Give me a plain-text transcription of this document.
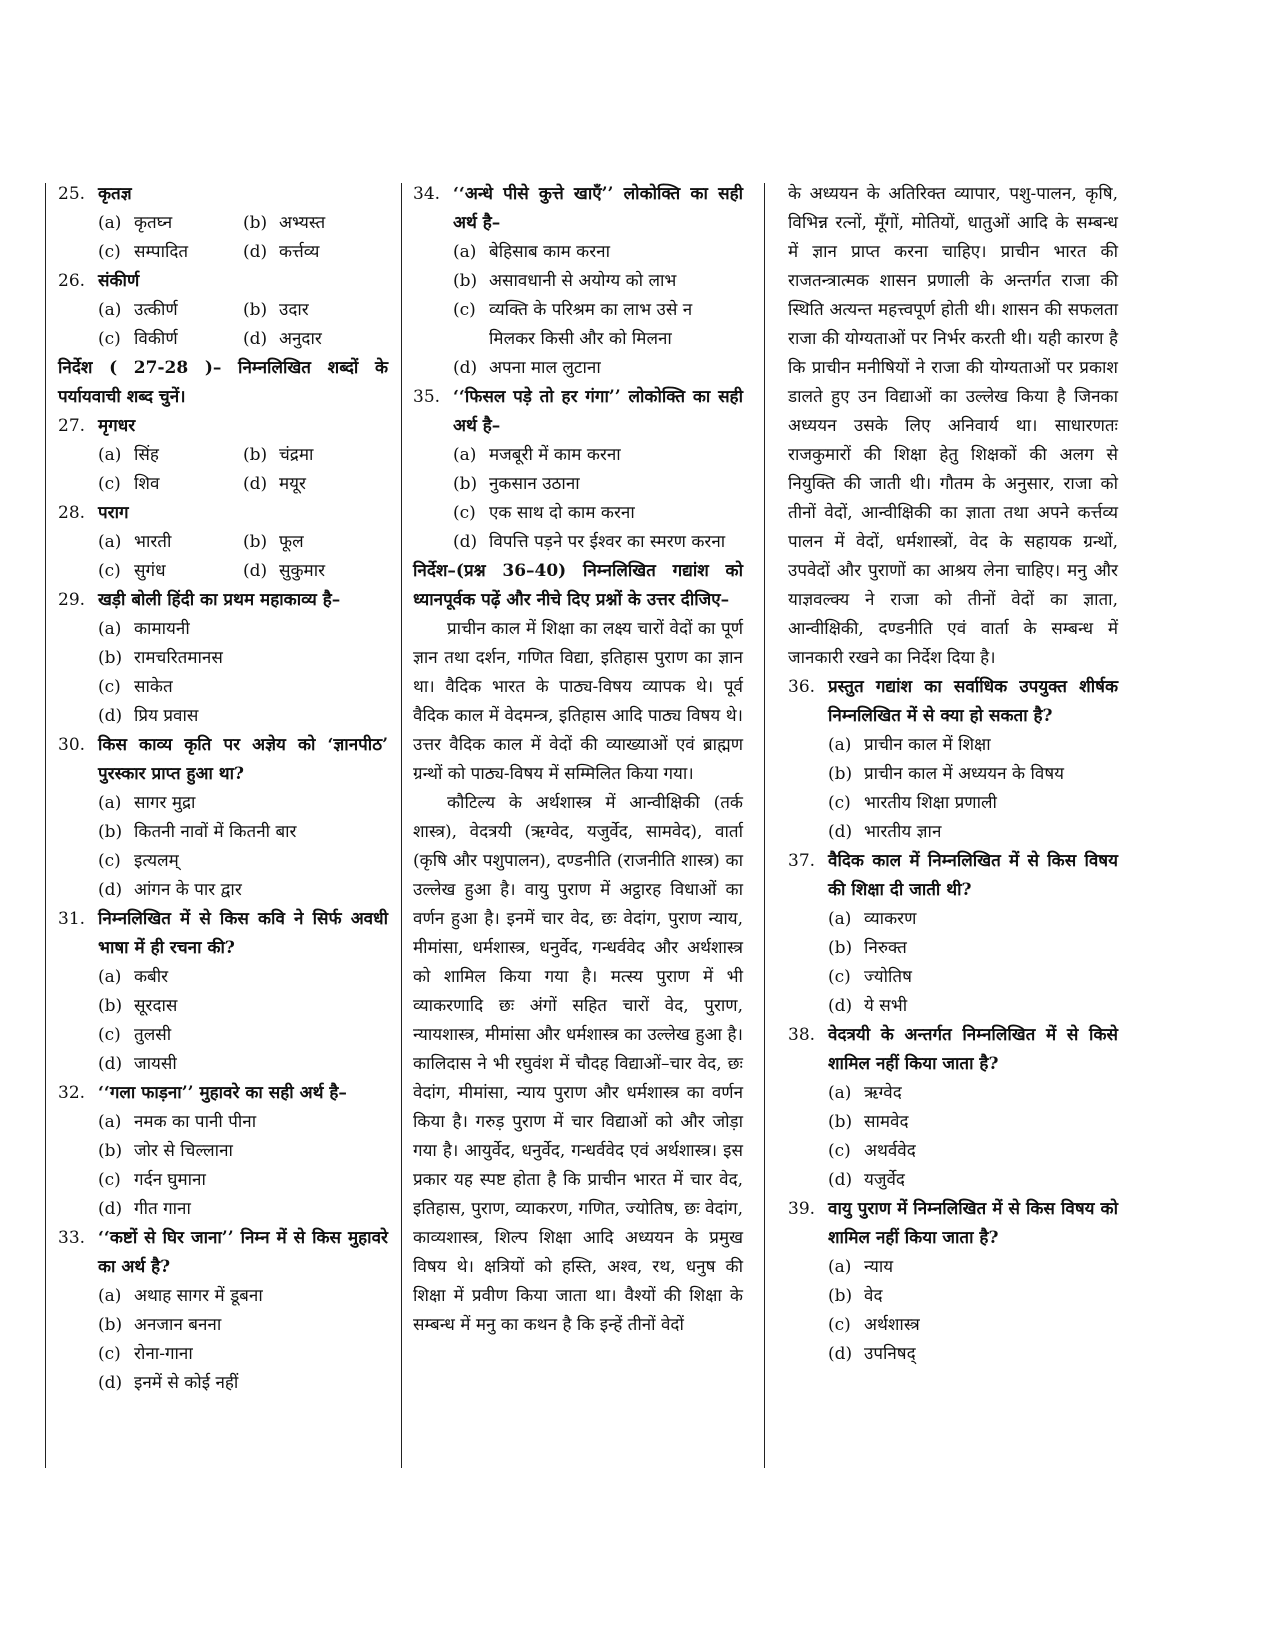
25. कृतज्ञ
(a) कृतघ्न	(b) अभ्यस्त
(c) सम्पादित	(d) कर्त्तव्य
26. संकीर्ण
(a) उत्कीर्ण	(b) उदार
(c) विकीर्ण	(d) अनुदार
निर्देश ( 27-28 )– निम्नलिखित शब्दों के पर्यायवाची शब्द चुनें।
27. मृगधर
(a) सिंह	(b) चंद्रमा
(c) शिव	(d) मयूर
28. पराग
(a) भारती	(b) फूल
(c) सुगंध	(d) सुकुमार
29. खड़ी बोली हिंदी का प्रथम महाकाव्य है–
(a) कामायनी
(b) रामचरितमानस
(c) साकेत
(d) प्रिय प्रवास
30. किस काव्य कृति पर अज्ञेय को ‘ज्ञानपीठ’ पुरस्कार प्राप्त हुआ था?
(a) सागर मुद्रा
(b) कितनी नावों में कितनी बार
(c) इत्यलम्
(d) आंगन के पार द्वार
31. निम्नलिखित में से किस कवि ने सिर्फ अवधी भाषा में ही रचना की?
(a) कबीर
(b) सूरदास
(c) तुलसी
(d) जायसी
32. ‘‘गला फाड़ना’’ मुहावरे का सही अर्थ है–
(a) नमक का पानी पीना
(b) जोर से चिल्लाना
(c) गर्दन घुमाना
(d) गीत गाना
33. ‘‘कष्टों से घिर जाना’’ निम्न में से किस मुहावरे का अर्थ है?
(a) अथाह सागर में डूबना
(b) अनजान बनना
(c) रोना-गाना
(d) इनमें से कोई नहीं
34. ‘‘अन्धे पीसे कुत्ते खाएँ’’ लोकोक्ति का सही अर्थ है–
(a) बेहिसाब काम करना
(b) असावधानी से अयोग्य को लाभ
(c) व्यक्ति के परिश्रम का लाभ उसे न मिलकर किसी और को मिलना
(d) अपना माल लुटाना
35. ‘‘फिसल पड़े तो हर गंगा’’ लोकोक्ति का सही अर्थ है–
(a) मजबूरी में काम करना
(b) नुकसान उठाना
(c) एक साथ दो काम करना
(d) विपत्ति पड़ने पर ईश्वर का स्मरण करना
निर्देश–(प्रश्न 36–40) निम्नलिखित गद्यांश को ध्यानपूर्वक पढ़ें और नीचे दिए प्रश्नों के उत्तर दीजिए–

प्राचीन काल में शिक्षा का लक्ष्य चारों वेदों का पूर्ण ज्ञान तथा दर्शन, गणित विद्या, इतिहास पुराण का ज्ञान था। वैदिक भारत के पाठ्य-विषय व्यापक थे। पूर्व वैदिक काल में वेदमन्त्र, इतिहास आदि पाठ्य विषय थे। उत्तर वैदिक काल में वेदों की व्याख्याओं एवं ब्राह्मण ग्रन्थों को पाठ्य-विषय में सम्मिलित किया गया।

कौटिल्य के अर्थशास्त्र में आन्वीक्षिकी (तर्क शास्त्र), वेदत्रयी (ऋग्वेद, यजुर्वेद, सामवेद), वार्ता (कृषि और पशुपालन), दण्डनीति (राजनीति शास्त्र) का उल्लेख हुआ है। वायु पुराण में अट्ठारह विधाओं का वर्णन हुआ है। इनमें चार वेद, छः वेदांग, पुराण न्याय, मीमांसा, धर्मशास्त्र, धनुर्वेद, गन्धर्ववेद और अर्थशास्त्र को शामिल किया गया है। मत्स्य पुराण में भी व्याकरणादि छः अंगों सहित चारों वेद, पुराण, न्यायशास्त्र, मीमांसा और धर्मशास्त्र का उल्लेख हुआ है। कालिदास ने भी रघुवंश में चौदह विद्याओं–चार वेद, छः वेदांग, मीमांसा, न्याय पुराण और धर्मशास्त्र का वर्णन किया है। गरुड़ पुराण में चार विद्याओं को और जोड़ा गया है। आयुर्वेद, धनुर्वेद, गन्धर्ववेद एवं अर्थशास्त्र। इस प्रकार यह स्पष्ट होता है कि प्राचीन भारत में चार वेद, इतिहास, पुराण, व्याकरण, गणित, ज्योतिष, छः वेदांग, काव्यशास्त्र, शिल्प शिक्षा आदि अध्ययन के प्रमुख विषय थे। क्षत्रियों को हस्ति, अश्व, रथ, धनुष की शिक्षा में प्रवीण किया जाता था। वैश्यों की शिक्षा के सम्बन्ध में मनु का कथन है कि इन्हें तीनों वेदों

के अध्ययन के अतिरिक्त व्यापार, पशु-पालन, कृषि, विभिन्न रत्नों, मूँगों, मोतियों, धातुओं आदि के सम्बन्ध में ज्ञान प्राप्त करना चाहिए। प्राचीन भारत की राजतन्त्रात्मक शासन प्रणाली के अन्तर्गत राजा की स्थिति अत्यन्त महत्त्वपूर्ण होती थी। शासन की सफलता राजा की योग्यताओं पर निर्भर करती थी। यही कारण है कि प्राचीन मनीषियों ने राजा की योग्यताओं पर प्रकाश डालते हुए उन विद्याओं का उल्लेख किया है जिनका अध्ययन उसके लिए अनिवार्य था। साधारणतः राजकुमारों की शिक्षा हेतु शिक्षकों की अलग से नियुक्ति की जाती थी। गौतम के अनुसार, राजा को तीनों वेदों, आन्वीक्षिकी का ज्ञाता तथा अपने कर्त्तव्य पालन में वेदों, धर्मशास्त्रों, वेद के सहायक ग्रन्थों, उपवेदों और पुराणों का आश्रय लेना चाहिए। मनु और याज्ञवल्क्य ने राजा को तीनों वेदों का ज्ञाता, आन्वीक्षिकी, दण्डनीति एवं वार्ता के सम्बन्ध में जानकारी रखने का निर्देश दिया है।

36. प्रस्तुत गद्यांश का सर्वाधिक उपयुक्त शीर्षक निम्नलिखित में से क्या हो सकता है?
(a) प्राचीन काल में शिक्षा
(b) प्राचीन काल में अध्ययन के विषय
(c) भारतीय शिक्षा प्रणाली
(d) भारतीय ज्ञान
37. वैदिक काल में निम्नलिखित में से किस विषय की शिक्षा दी जाती थी?
(a) व्याकरण
(b) निरुक्त
(c) ज्योतिष
(d) ये सभी
38. वेदत्रयी के अन्तर्गत निम्नलिखित में से किसे शामिल नहीं किया जाता है?
(a) ऋग्वेद
(b) सामवेद
(c) अथर्ववेद
(d) यजुर्वेद
39. वायु पुराण में निम्नलिखित में से किस विषय को शामिल नहीं किया जाता है?
(a) न्याय
(b) वेद
(c) अर्थशास्त्र
(d) उपनिषद्
